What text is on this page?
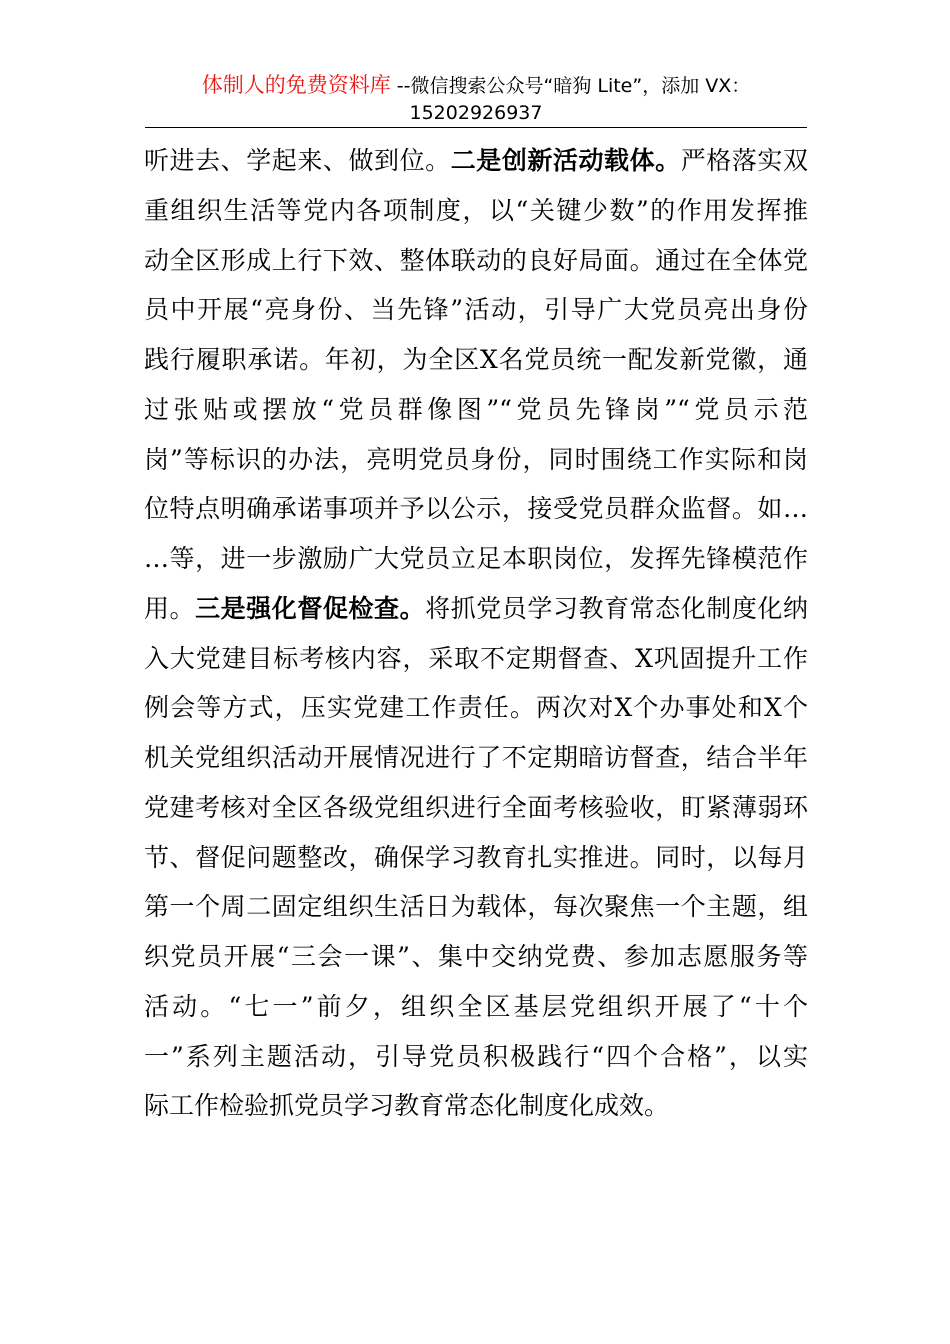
体制人的免费资料库 --微信搜索公众号“暗狗 Lite”，添加 VX：
15202926937
听进去、学起来、做到位。二是创新活动载体。严格落实双
重组织生活等党内各项制度，以“关键少数”的作用发挥推
动全区形成上行下效、整体联动的良好局面。通过在全体党
员中开展“亮身份、当先锋”活动，引导广大党员亮出身份
践行履职承诺。年初，为全区X名党员统一配发新党徽，通
过张贴或摆放“党员群像图”“党员先锋岗”“党员示范
岗”等标识的办法，亮明党员身份，同时围绕工作实际和岗
位特点明确承诺事项并予以公示，接受党员群众监督。如…
…等，进一步激励广大党员立足本职岗位，发挥先锋模范作
用。三是强化督促检查。将抓党员学习教育常态化制度化纳
入大党建目标考核内容，采取不定期督查、X巩固提升工作
例会等方式，压实党建工作责任。两次对X个办事处和X个
机关党组织活动开展情况进行了不定期暗访督查，结合半年
党建考核对全区各级党组织进行全面考核验收，盯紧薄弱环
节、督促问题整改，确保学习教育扎实推进。同时，以每月
第一个周二固定组织生活日为载体，每次聚焦一个主题，组
织党员开展“三会一课”、集中交纳党费、参加志愿服务等
活动。“七一”前夕，组织全区基层党组织开展了“十个
一”系列主题活动，引导党员积极践行“四个合格”，以实
际工作检验抓党员学习教育常态化制度化成效。
